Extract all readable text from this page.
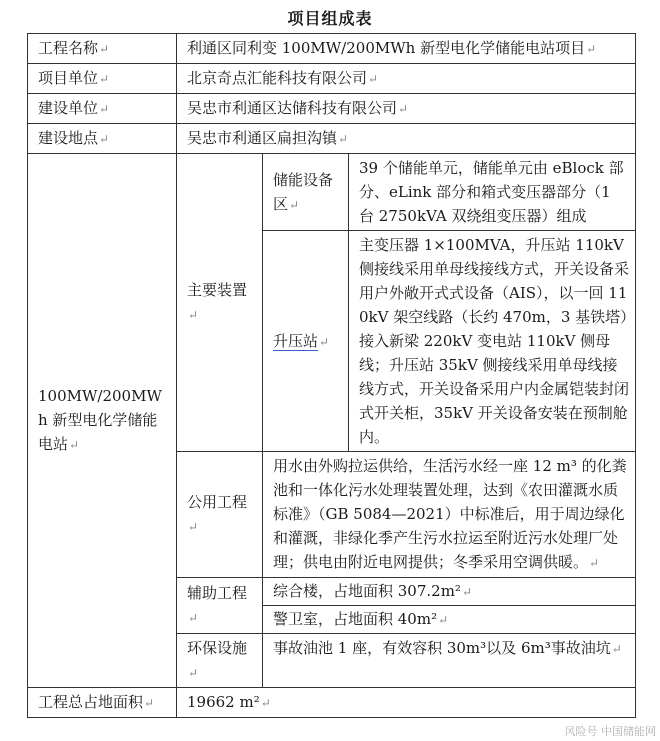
项目组成表
工程名称↵	利通区同利变 100MW/200MWh 新型电化学储能电站项目↵		
项目单位↵	北京奇点汇能科技有限公司↵		
建设单位↵	吴忠市利通区达储科技有限公司↵		
建设地点↵	吴忠市利通区扁担沟镇↵		
100MW/200MWh 新型电化学储能电站↵	主要装置↵	储能设备区↵	39 个储能单元，储能单元由 eBlock 部分、eLink 部分和箱式变压器部分（1 台 2750kVA 双绕组变压器）组成
		升压站↵	主变压器 1×100MVA，升压站 110kV 侧接线采用单母线接线方式，开关设备采用户外敞开式式设备（AIS），以一回 110kV 架空线路（长约 470m，3 基铁塔）接入新梁 220kV 变电站 110kV 侧母线；升压站 35kV 侧接线采用单母线接线方式，开关设备采用户内金属铠装封闭式开关柜，35kV 开关设备安装在预制舱内。
	公用工程↵	用水由外购拉运供给，生活污水经一座 12 m³ 的化粪池和一体化污水处理装置处理，达到《农田灌溉水质标准》（GB 5084—2021）中标准后，用于周边绿化和灌溉，非绿化季产生污水拉运至附近污水处理厂处理；供电由附近电网提供；冬季采用空调供暖。↵	
	辅助工程↵	综合楼，占地面积 307.2m²↵
警卫室，占地面积 40m²↵	

	环保设施↵	事故油池 1 座，有效容积 30m³以及 6m³事故油坑↵	
工程总占地面积↵	19662 m²↵		
风险号 中国储能网
